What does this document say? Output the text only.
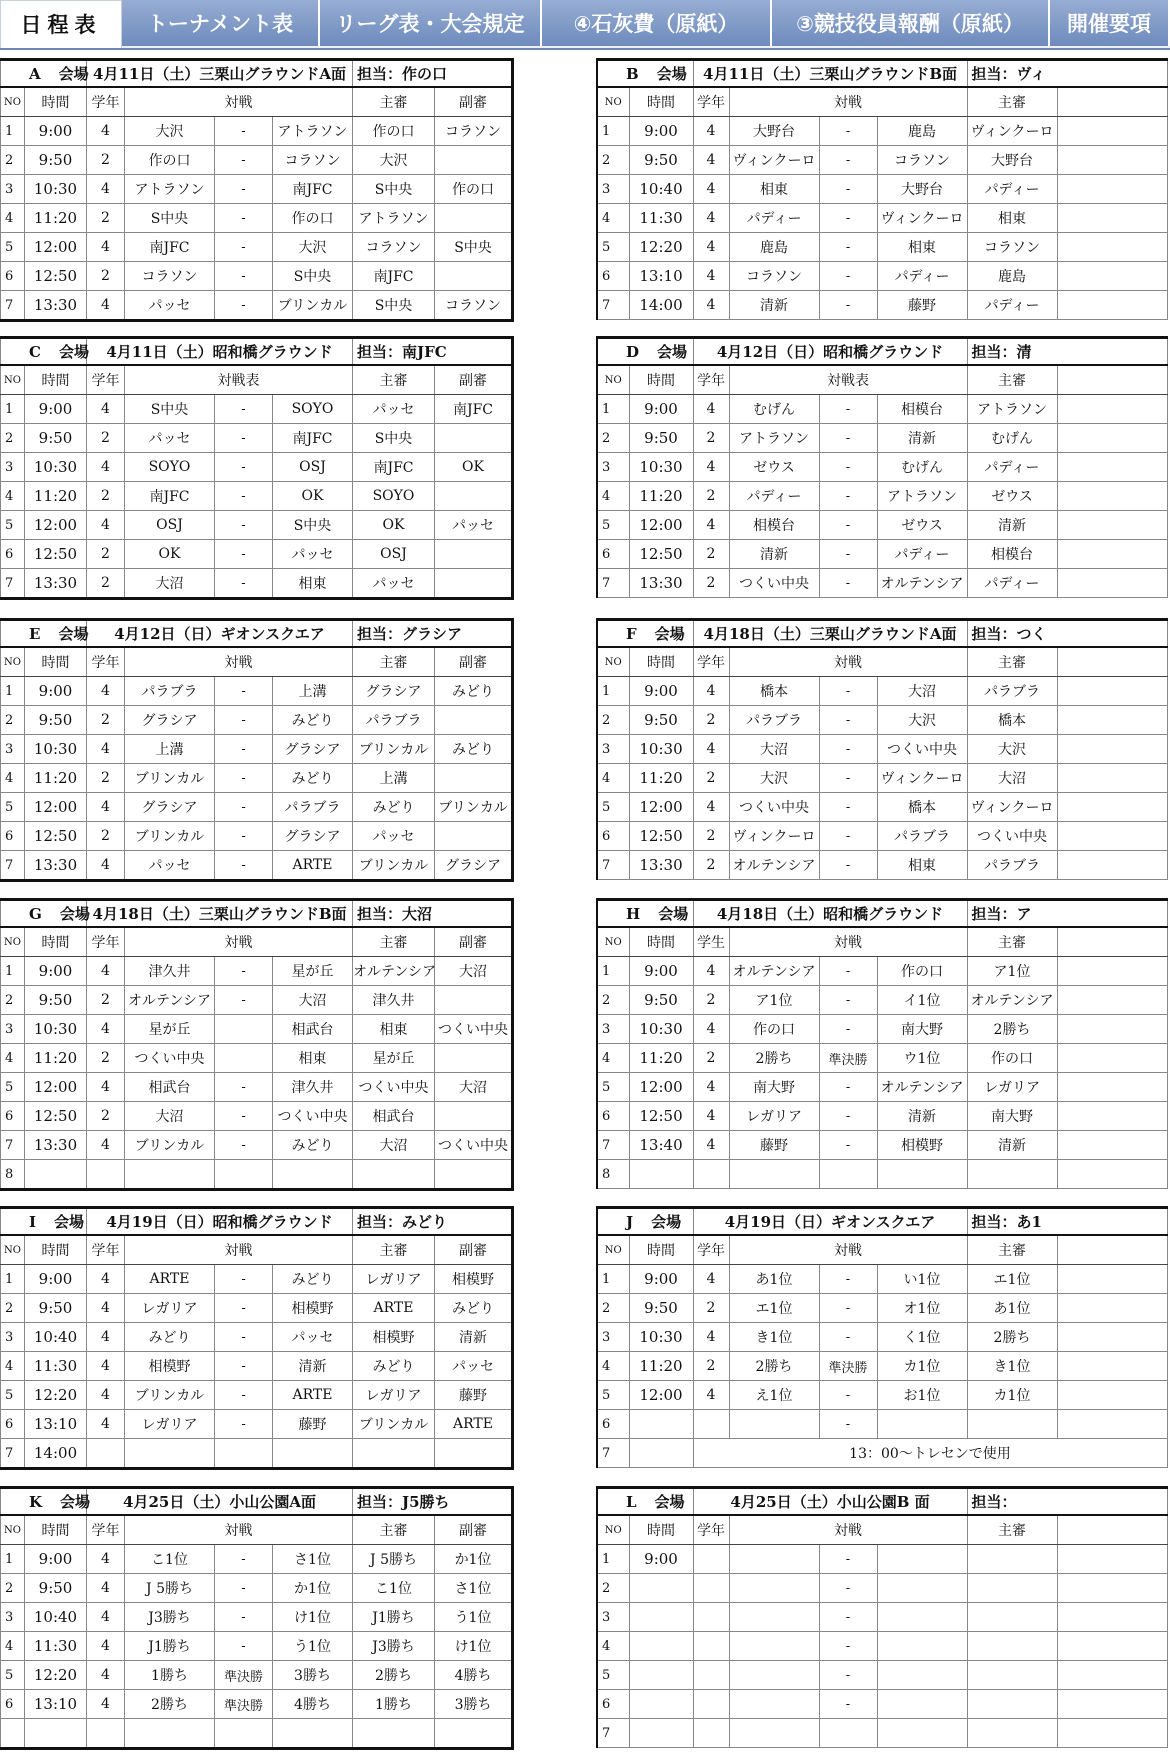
日程表	トーナメント表	リーグ表・大会規定	④石灰費（原紙）	③競技役員報酬（原紙）	開催要項
A 会場		4月11日（土）三栗山グラウンドA面				担当：作の口	
NO	時間	学年	対戦			主審	副審
1	9:00	4	大沢	-	アトラソン	作の口	コラソン
2	9:50	2	作の口	-	コラソン	大沢	
3	10:30	4	アトラソン	-	南JFC	S中央	作の口
4	11:20	2	S中央	-	作の口	アトラソン	
5	12:00	4	南JFC	-	大沢	コラソン	S中央
6	12:50	2	コラソン	-	S中央	南JFC	
7	13:30	4	パッセ	-	ブリンカル	S中央	コラソン
B 会場		4月11日（土）三栗山グラウンドB面				担当：ヴィ	
NO	時間	学年	対戦			主審	
1	9:00	4	大野台	-	鹿島	ヴィンクーロ	
2	9:50	4	ヴィンクーロ	-	コラソン	大野台	
3	10:40	4	相東	-	大野台	パディー	
4	11:30	4	パディー	-	ヴィンクーロ	相東	
5	12:20	4	鹿島	-	相東	コラソン	
6	13:10	4	コラソン	-	パディー	鹿島	
7	14:00	4	清新	-	藤野	パディー	
C 会場		4月11日（土）昭和橋グラウンド				担当：南JFC	
NO	時間	学年	対戦表			主審	副審
1	9:00	4	S中央	-	SOYO	パッセ	南JFC
2	9:50	2	パッセ	-	南JFC	S中央	
3	10:30	4	SOYO	-	OSJ	南JFC	OK
4	11:20	2	南JFC	-	OK	SOYO	
5	12:00	4	OSJ	-	S中央	OK	パッセ
6	12:50	2	OK	-	パッセ	OSJ	
7	13:30	2	大沼	-	相東	パッセ	
D 会場		4月12日（日）昭和橋グラウンド				担当：清	
NO	時間	学年	対戦表			主審	
1	9:00	4	むげん	-	相模台	アトラソン	
2	9:50	2	アトラソン	-	清新	むげん	
3	10:30	4	ゼウス	-	むげん	パディー	
4	11:20	2	パディー	-	アトラソン	ゼウス	
5	12:00	4	相模台	-	ゼウス	清新	
6	12:50	2	清新	-	パディー	相模台	
7	13:30	2	つくい中央	-	オルテンシア	パディー	
E 会場		4月12日（日）ギオンスクエア				担当：グラシア	
NO	時間	学年	対戦			主審	副審
1	9:00	4	パラブラ	-	上溝	グラシア	みどり
2	9:50	2	グラシア	-	みどり	パラブラ	
3	10:30	4	上溝	-	グラシア	ブリンカル	みどり
4	11:20	2	ブリンカル	-	みどり	上溝	
5	12:00	4	グラシア	-	パラブラ	みどり	ブリンカル
6	12:50	2	ブリンカル	-	グラシア	パッセ	
7	13:30	4	パッセ	-	ARTE	ブリンカル	グラシア
F 会場		4月18日（土）三栗山グラウンドA面				担当：つく	
NO	時間	学年	対戦			主審	
1	9:00	4	橋本	-	大沼	パラブラ	
2	9:50	2	パラブラ	-	大沢	橋本	
3	10:30	4	大沼	-	つくい中央	大沢	
4	11:20	2	大沢	-	ヴィンクーロ	大沼	
5	12:00	4	つくい中央	-	橋本	ヴィンクーロ	
6	12:50	2	ヴィンクーロ	-	パラブラ	つくい中央	
7	13:30	2	オルテンシア	-	相東	パラブラ	
G 会場		4月18日（土）三栗山グラウンドB面				担当：大沼	
NO	時間	学年	対戦			主審	副審
1	9:00	4	津久井	-	星が丘	オルテンシア	大沼
2	9:50	2	オルテンシア	-	大沼	津久井	
3	10:30	4	星が丘		相武台	相東	つくい中央
4	11:20	2	つくい中央		相東	星が丘	
5	12:00	4	相武台	-	津久井	つくい中央	大沼
6	12:50	2	大沼	-	つくい中央	相武台	
7	13:30	4	ブリンカル	-	みどり	大沼	つくい中央
8							
H 会場		4月18日（土）昭和橋グラウンド				担当：ア	
NO	時間	学生	対戦			主審	
1	9:00	4	オルテンシア	-	作の口	ア1位	
2	9:50	2	ア1位	-	イ1位	オルテンシア	
3	10:30	4	作の口	-	南大野	2勝ち	
4	11:20	2	2勝ち	準決勝	ウ1位	作の口	
5	12:00	4	南大野	-	オルテンシア	レガリア	
6	12:50	4	レガリア	-	清新	南大野	
7	13:40	4	藤野	-	相模野	清新	
8							
I 会場		4月19日（日）昭和橋グラウンド				担当：みどり	
NO	時間	学年	対戦			主審	副審
1	9:00	4	ARTE	-	みどり	レガリア	相模野
2	9:50	4	レガリア	-	相模野	ARTE	みどり
3	10:40	4	みどり	-	パッセ	相模野	清新
4	11:30	4	相模野	-	清新	みどり	パッセ
5	12:20	4	ブリンカル	-	ARTE	レガリア	藤野
6	13:10	4	レガリア	-	藤野	ブリンカル	ARTE
7	14:00						
J 会場		4月19日（日）ギオンスクエア				担当：あ1	
NO	時間	学年	対戦			主審	
1	9:00	4	あ1位	-	い1位	エ1位	
2	9:50	2	エ1位	-	オ1位	あ1位	
3	10:30	4	き1位	-	く1位	2勝ち	
4	11:20	2	2勝ち	準決勝	カ1位	き1位	
5	12:00	4	え1位	-	お1位	カ1位	
6				-			
7		13：00〜トレセンで使用					
K 会場		4月25日（土）小山公園A面				担当：J5勝ち	
NO	時間	学年	対戦			主審	副審
1	9:00	4	こ1位	-	さ1位	J 5勝ち	か1位
2	9:50	4	J 5勝ち	-	か1位	こ1位	さ1位
3	10:40	4	J3勝ち	-	け1位	J1勝ち	う1位
4	11:30	4	J1勝ち	-	う1位	J3勝ち	け1位
5	12:20	4	1勝ち	準決勝	3勝ち	2勝ち	4勝ち
6	13:10	4	2勝ち	準決勝	4勝ち	1勝ち	3勝ち

L 会場		4月25日（土）小山公園B 面				担当：	
NO	時間	学年	対戦			主審	
1	9:00			-			
2				-			
3				-			
4				-			
5				-			
6				-			
7							
